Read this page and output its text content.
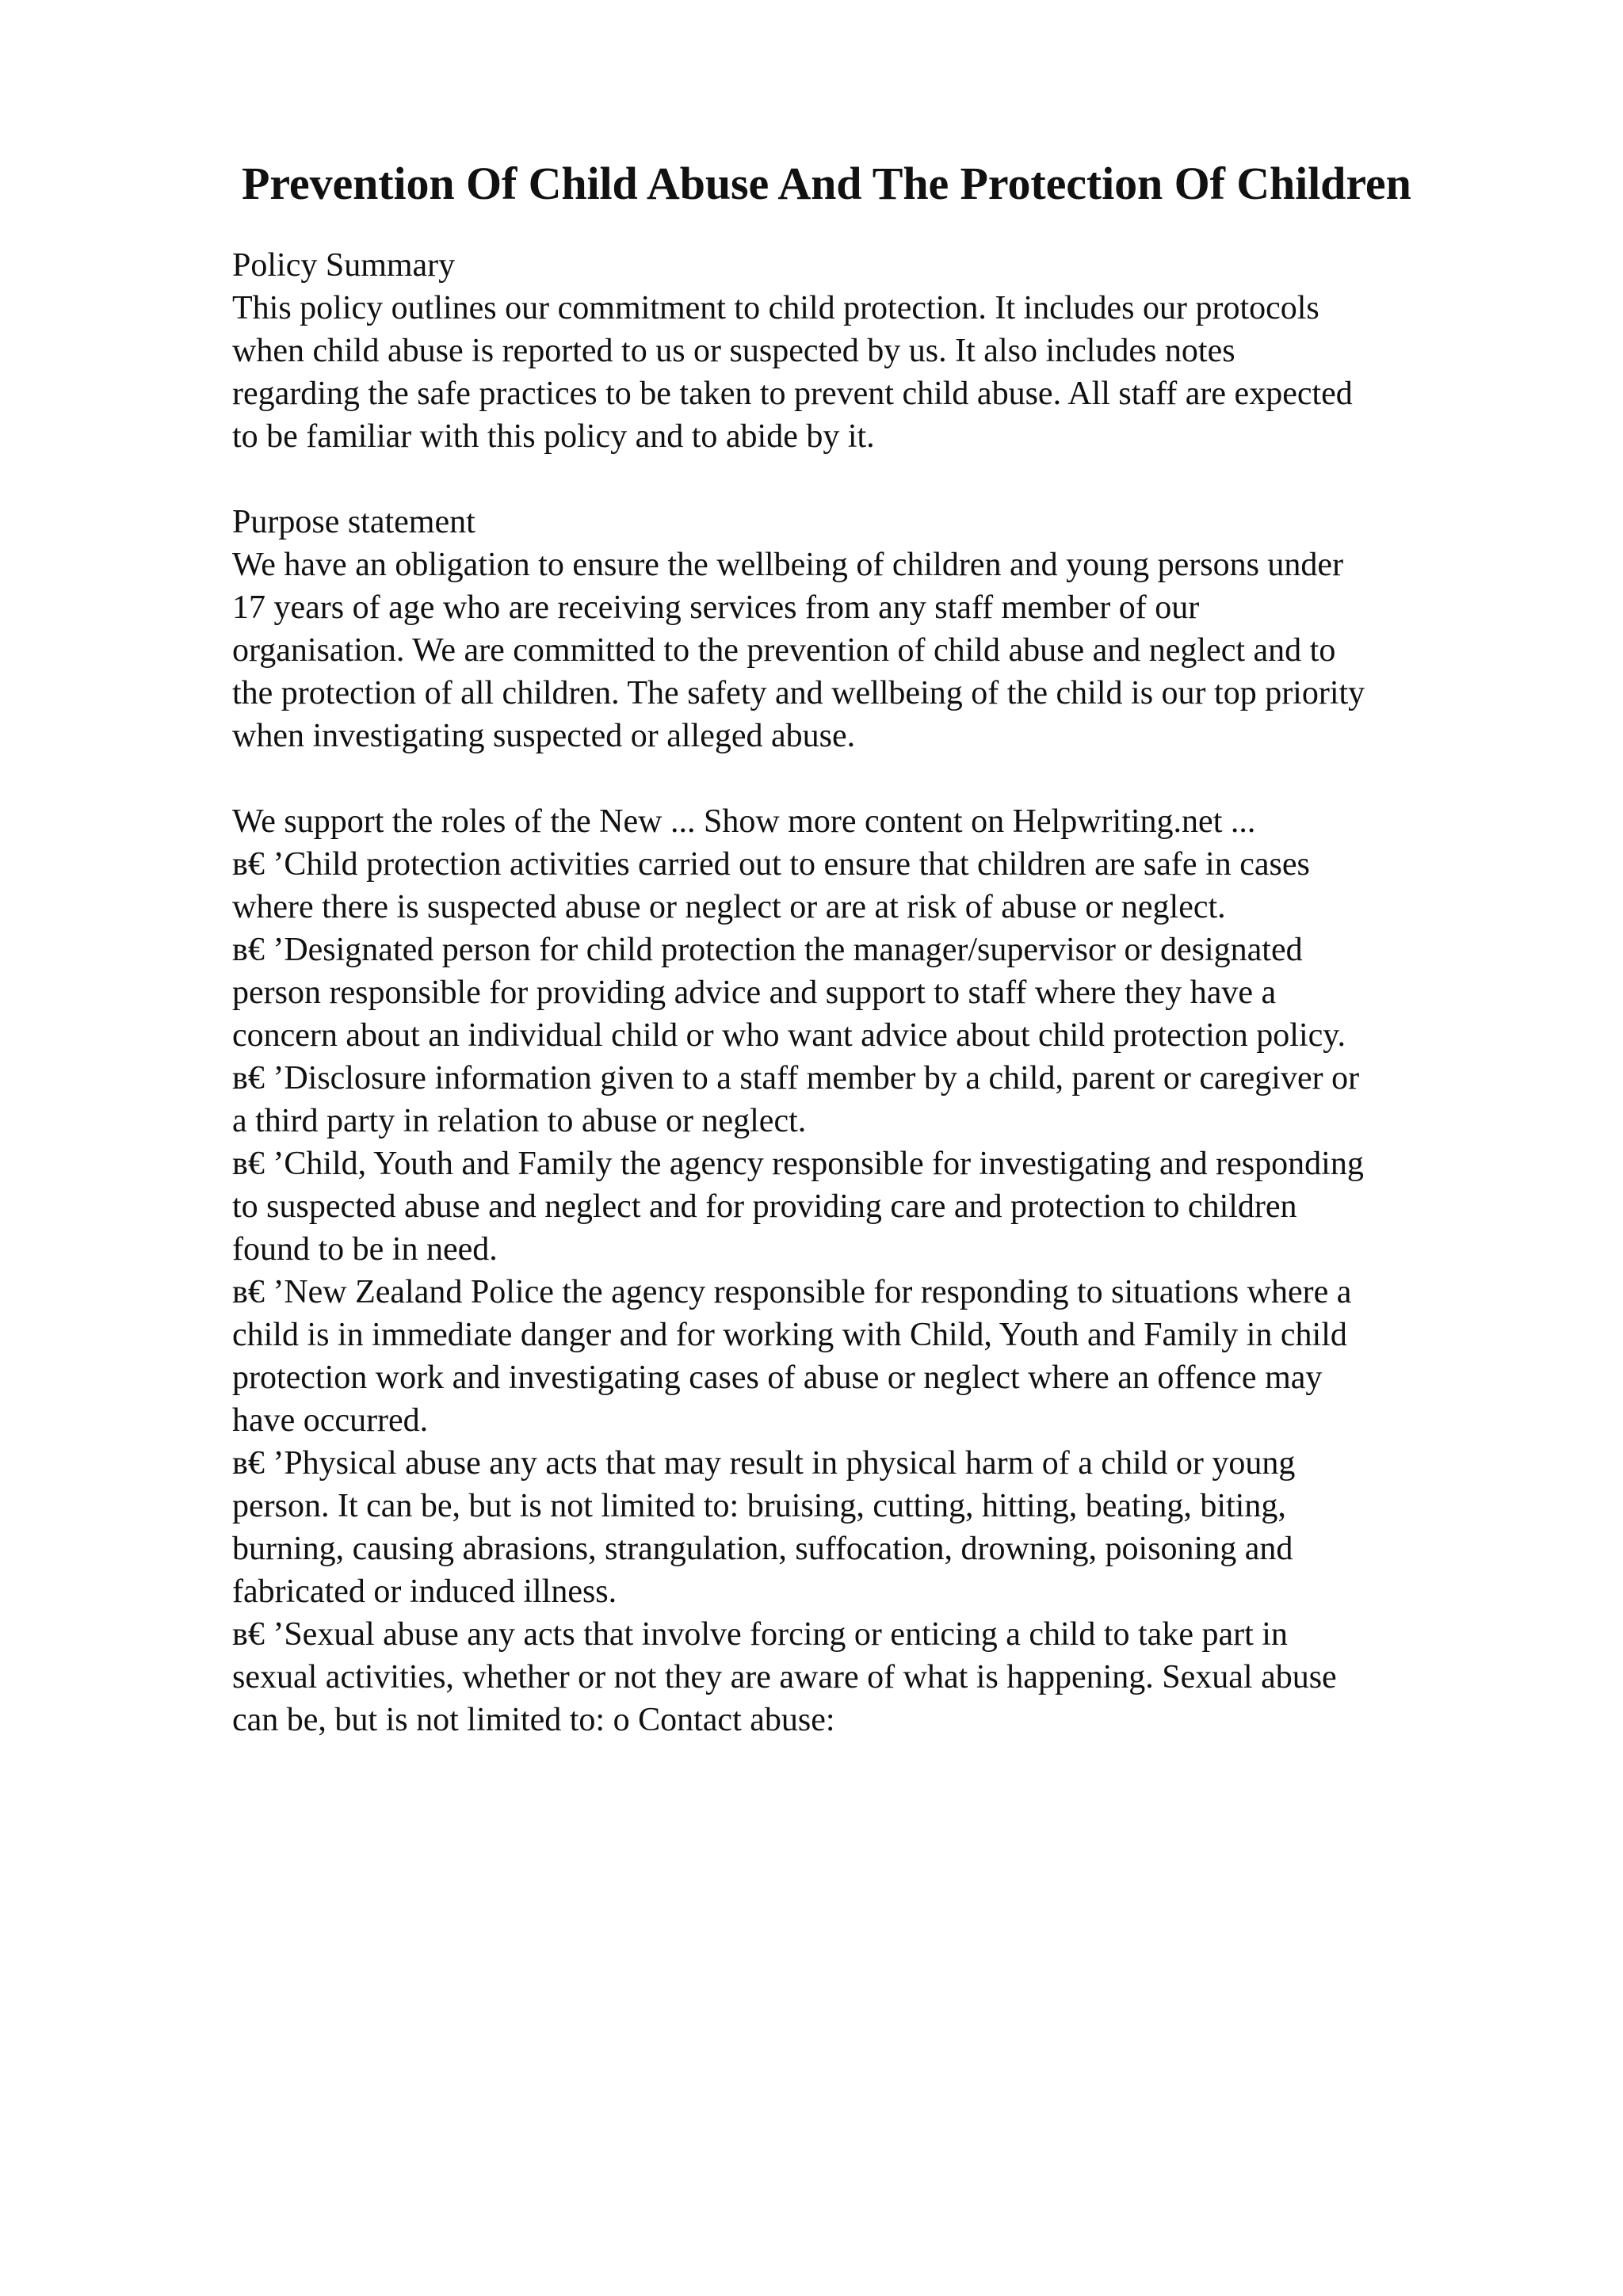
Prevention Of Child Abuse And The Protection Of Children
Policy Summary
This policy outlines our commitment to child protection. It includes our protocols
when child abuse is reported to us or suspected by us. It also includes notes
regarding the safe practices to be taken to prevent child abuse. All staff are expected
to be familiar with this policy and to abide by it.
Purpose statement
We have an obligation to ensure the wellbeing of children and young persons under
17 years of age who are receiving services from any staff member of our
organisation. We are committed to the prevention of child abuse and neglect and to
the protection of all children. The safety and wellbeing of the child is our top priority
when investigating suspected or alleged abuse.
We support the roles of the New ... Show more content on Helpwriting.net ...
в€ ’Child protection activities carried out to ensure that children are safe in cases
where there is suspected abuse or neglect or are at risk of abuse or neglect.
в€ ’Designated person for child protection the manager/supervisor or designated
person responsible for providing advice and support to staff where they have a
concern about an individual child or who want advice about child protection policy.
в€ ’Disclosure information given to a staff member by a child, parent or caregiver or
a third party in relation to abuse or neglect.
в€ ’Child, Youth and Family the agency responsible for investigating and responding
to suspected abuse and neglect and for providing care and protection to children
found to be in need.
в€ ’New Zealand Police the agency responsible for responding to situations where a
child is in immediate danger and for working with Child, Youth and Family in child
protection work and investigating cases of abuse or neglect where an offence may
have occurred.
в€ ’Physical abuse any acts that may result in physical harm of a child or young
person. It can be, but is not limited to: bruising, cutting, hitting, beating, biting,
burning, causing abrasions, strangulation, suffocation, drowning, poisoning and
fabricated or induced illness.
в€ ’Sexual abuse any acts that involve forcing or enticing a child to take part in
sexual activities, whether or not they are aware of what is happening. Sexual abuse
can be, but is not limited to: o Contact abuse:
